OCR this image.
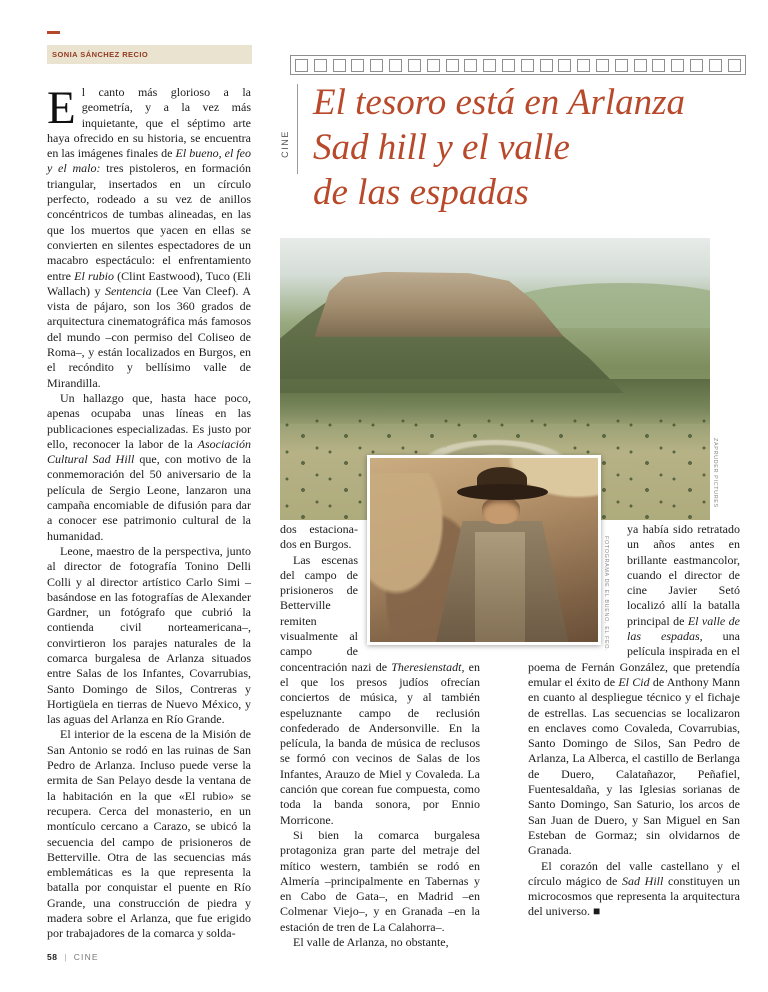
SONIA SÁNCHEZ RECIO
CINE
El tesoro está en Arlanza
Sad hill y el valle
de las espadas

El canto más glorioso a la geometría, y a la vez más inquietante, que el séptimo arte haya ofrecido en su historia, se encuentra en las imágenes finales de El bueno, el feo y el malo: tres pistoleros, en formación triangular, insertados en un círculo perfecto, rodeado a su vez de anillos concéntricos de tumbas alineadas, en las que los muertos que yacen en ellas se convierten en silentes espectadores de un macabro espectáculo: el enfrentamiento entre El rubio (Clint Eastwood), Tuco (Eli Wallach) y Sentencia (Lee Van Cleef). A vista de pájaro, son los 360 grados de arquitectura cinematográfica más famosos del mundo –con permiso del Coliseo de Roma–, y están localizados en Burgos, en el recóndito y bellísimo valle de Mirandilla.

Un hallazgo que, hasta hace poco, apenas ocupaba unas líneas en las publicaciones especializadas. Es justo por ello, reconocer la labor de la Asociación Cultural Sad Hill que, con motivo de la conmemoración del 50 aniversario de la película de Sergio Leone, lanzaron una campaña encomiable de difusión para dar a conocer ese patrimonio cultural de la humanidad.

Leone, maestro de la perspectiva, junto al director de fotografía Tonino Delli Colli y al director artístico Carlo Simi –basándose en las fotografías de Alexander Gardner, un fotógrafo que cubrió la contienda civil norteamericana–, convirtieron los parajes naturales de la comarca burgalesa de Arlanza situados entre Salas de los Infantes, Covarrubias, Santo Domingo de Silos, Contreras y Hortigüela en tierras de Nuevo México, y las aguas del Arlanza en Río Grande.

El interior de la escena de la Misión de San Antonio se rodó en las ruinas de San Pedro de Arlanza. Incluso puede verse la ermita de San Pelayo desde la ventana de la habitación en la que «El rubio» se recupera. Cerca del monasterio, en un montículo cercano a Carazo, se ubicó la secuencia del campo de prisioneros de Betterville. Otra de las secuencias más emblemáticas es la que representa la batalla por conquistar el puente en Río Grande, una construcción de piedra y madera sobre el Arlanza, que fue erigido por trabajadores de la comarca y solda-

ZAPRUDER PICTURES
FOTOGRAMA DE EL BUENO, EL FEO.

dos estaciona-dos en Burgos.

Las escenas del campo de prisioneros de Betterville remiten visualmente al campo de concentración nazi de Theresienstadt, en el que los presos judíos ofrecían conciertos de música, y al también espeluznante campo de reclusión confederado de Andersonville. En la película, la banda de música de reclusos se formó con vecinos de Salas de los Infantes, Arauzo de Miel y Covaleda. La canción que corean fue compuesta, como toda la banda sonora, por Ennio Morricone.

Si bien la comarca burgalesa protagoniza gran parte del metraje del mítico western, también se rodó en Almería –principalmente en Tabernas y en Cabo de Gata–, en Madrid –en Colmenar Viejo–, y en Granada –en la estación de tren de La Calahorra–.

El valle de Arlanza, no obstante,

ya había sido retratado un años antes en brillante eastmancolor, cuando el director de cine Javier Setó localizó allí la batalla principal de El valle de las espadas, una película inspirada en el poema de Fernán González, que pretendía emular el éxito de El Cid de Anthony Mann en cuanto al despliegue técnico y el fichaje de estrellas. Las secuencias se localizaron en enclaves como Covaleda, Covarrubias, Santo Domingo de Silos, San Pedro de Arlanza, La Alberca, el castillo de Berlanga de Duero, Calatañazor, Peñafiel, Fuentesaldaña, y las Iglesias sorianas de Santo Domingo, San Saturio, los arcos de San Juan de Duero, y San Miguel en San Esteban de Gormaz; sin olvidarnos de Granada.

El corazón del valle castellano y el círculo mágico de Sad Hill constituyen un microcosmos que representa la arquitectura del universo. ■

58 | CINE
